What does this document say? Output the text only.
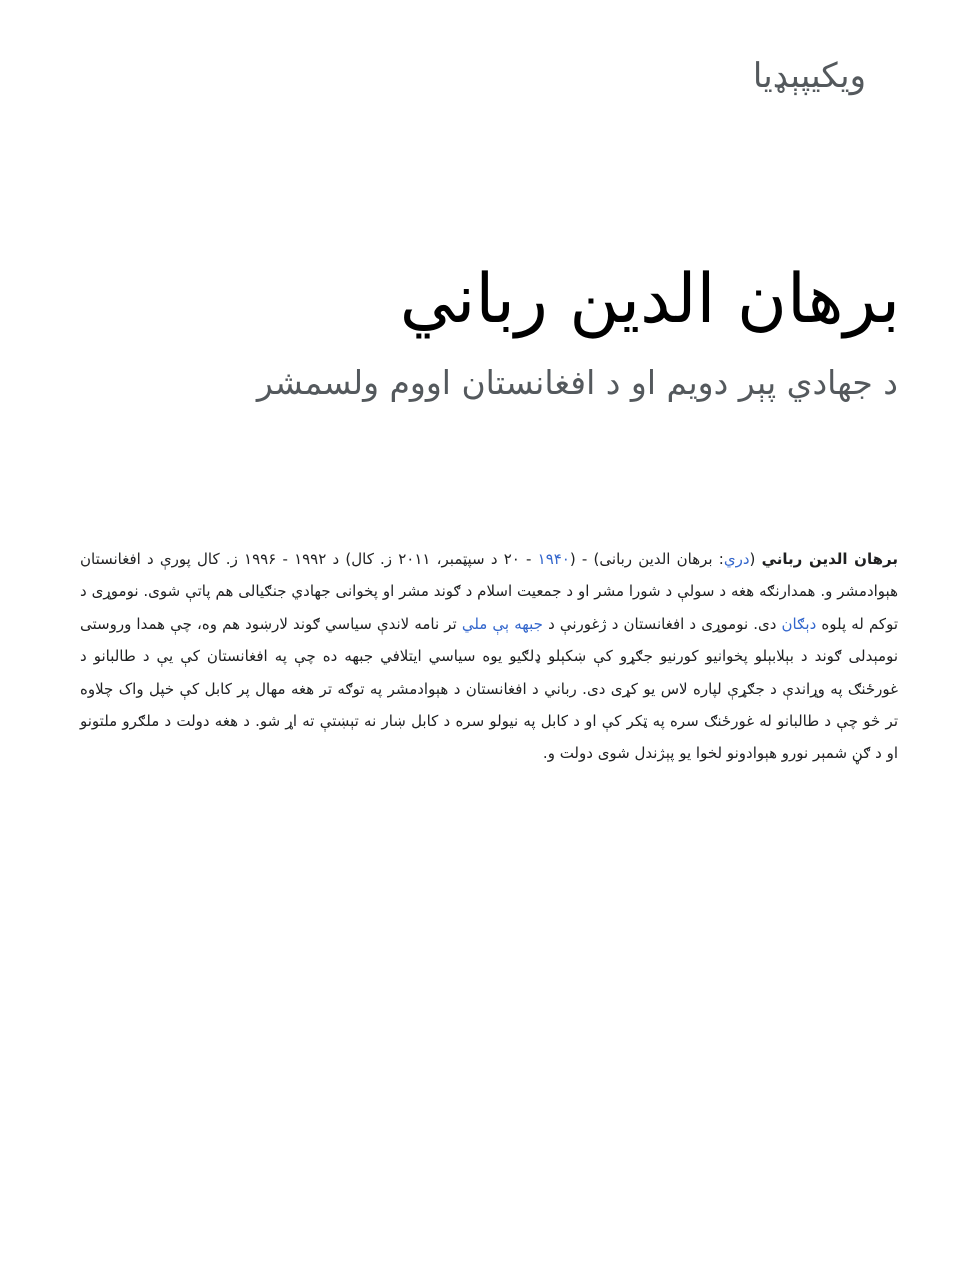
ويکيپېډيا
برهان الدين رباني
د جهادي پېر دويم او د افغانستان اووم ولسمشر

برهان الدين رباني (دري: برهان الدين ربانی) - (۱۹۴۰ - ۲۰ د سپټمبر، ۲۰۱۱ ز. کال) د ۱۹۹۲ - ۱۹۹۶ ز. کال پورې د افغانستان هېوادمشر و. همدارنګه هغه د سولې د شورا مشر او د جمعيت اسلام د ګوند مشر او پخوانی جهادي جنګيالی هم پاتې شوی. نوموړی د توکم له پلوه دېګان دی. نوموړی د افغانستان د ژغورنې د جبهه ېې ملي تر نامه لاندې سياسي ګوند لارښود هم وه، چې همدا وروستی نومېدلی ګوند د بېلابېلو پخوانيو کورنيو جګړو کې ښکېلو ډلګيو يوه سياسي ايتلافي جبهه ده چې په افغانستان کې يې د طالبانو د غورځنګ په وړاندې د جګړې لپاره لاس يو کړی دی. رباني د افغانستان د هېوادمشر په توګه تر هغه مهال پر کابل کې خپل واک چلاوه تر څو چې د طالبانو له غورځنګ سره په ټکر کې او د کابل په نيولو سره د کابل ښار نه تېښتې ته اړ شو. د هغه دولت د ملګرو ملتونو او د ګڼ شمېر نورو هېوادونو لخوا يو پېژندل شوی دولت و.
